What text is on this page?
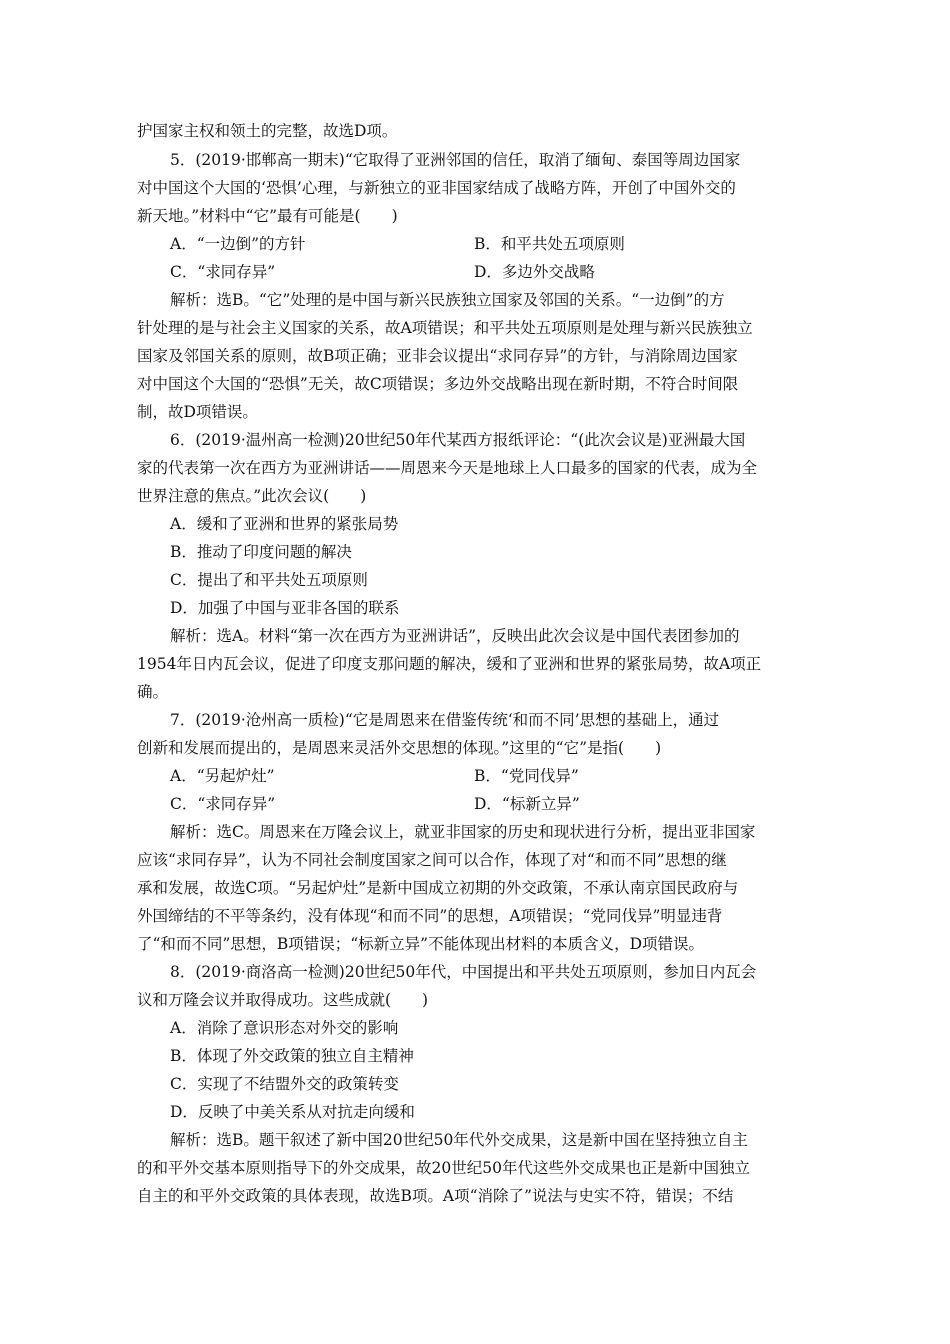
护国家主权和领土的完整，故选D项。
5．(2019·邯郸高一期末)“它取得了亚洲邻国的信任，取消了缅甸、泰国等周边国家
对中国这个大国的‘恐惧’心理，与新独立的亚非国家结成了战略方阵，开创了中国外交的
新天地。”材料中“它”最有可能是(　　)
A．“一边倒”的方针	B．和平共处五项原则
C．“求同存异”	D．多边外交战略
解析：选B。“它”处理的是中国与新兴民族独立国家及邻国的关系。“一边倒”的方
针处理的是与社会主义国家的关系，故A项错误；和平共处五项原则是处理与新兴民族独立
国家及邻国关系的原则，故B项正确；亚非会议提出“求同存异”的方针，与消除周边国家
对中国这个大国的“恐惧”无关，故C项错误；多边外交战略出现在新时期，不符合时间限
制，故D项错误。
6．(2019·温州高一检测)20世纪50年代某西方报纸评论：“(此次会议是)亚洲最大国
家的代表第一次在西方为亚洲讲话——周恩来今天是地球上人口最多的国家的代表，成为全
世界注意的焦点。”此次会议(　　)
A．缓和了亚洲和世界的紧张局势
B．推动了印度问题的解决
C．提出了和平共处五项原则
D．加强了中国与亚非各国的联系
解析：选A。材料“第一次在西方为亚洲讲话”，反映出此次会议是中国代表团参加的
1954年日内瓦会议，促进了印度支那问题的解决，缓和了亚洲和世界的紧张局势，故A项正
确。
7．(2019·沧州高一质检)“它是周恩来在借鉴传统‘和而不同’思想的基础上，通过
创新和发展而提出的，是周恩来灵活外交思想的体现。”这里的“它”是指(　　)
A．“另起炉灶”	B．“党同伐异”
C．“求同存异”	D．“标新立异”
解析：选C。周恩来在万隆会议上，就亚非国家的历史和现状进行分析，提出亚非国家
应该“求同存异”，认为不同社会制度国家之间可以合作，体现了对“和而不同”思想的继
承和发展，故选C项。“另起炉灶”是新中国成立初期的外交政策，不承认南京国民政府与
外国缔结的不平等条约，没有体现“和而不同”的思想，A项错误；“党同伐异”明显违背
了“和而不同”思想，B项错误；“标新立异”不能体现出材料的本质含义，D项错误。
8．(2019·商洛高一检测)20世纪50年代，中国提出和平共处五项原则，参加日内瓦会
议和万隆会议并取得成功。这些成就(　　)
A．消除了意识形态对外交的影响
B．体现了外交政策的独立自主精神
C．实现了不结盟外交的政策转变
D．反映了中美关系从对抗走向缓和
解析：选B。题干叙述了新中国20世纪50年代外交成果，这是新中国在坚持独立自主
的和平外交基本原则指导下的外交成果，故20世纪50年代这些外交成果也正是新中国独立
自主的和平外交政策的具体表现，故选B项。A项“消除了”说法与史实不符，错误；不结
